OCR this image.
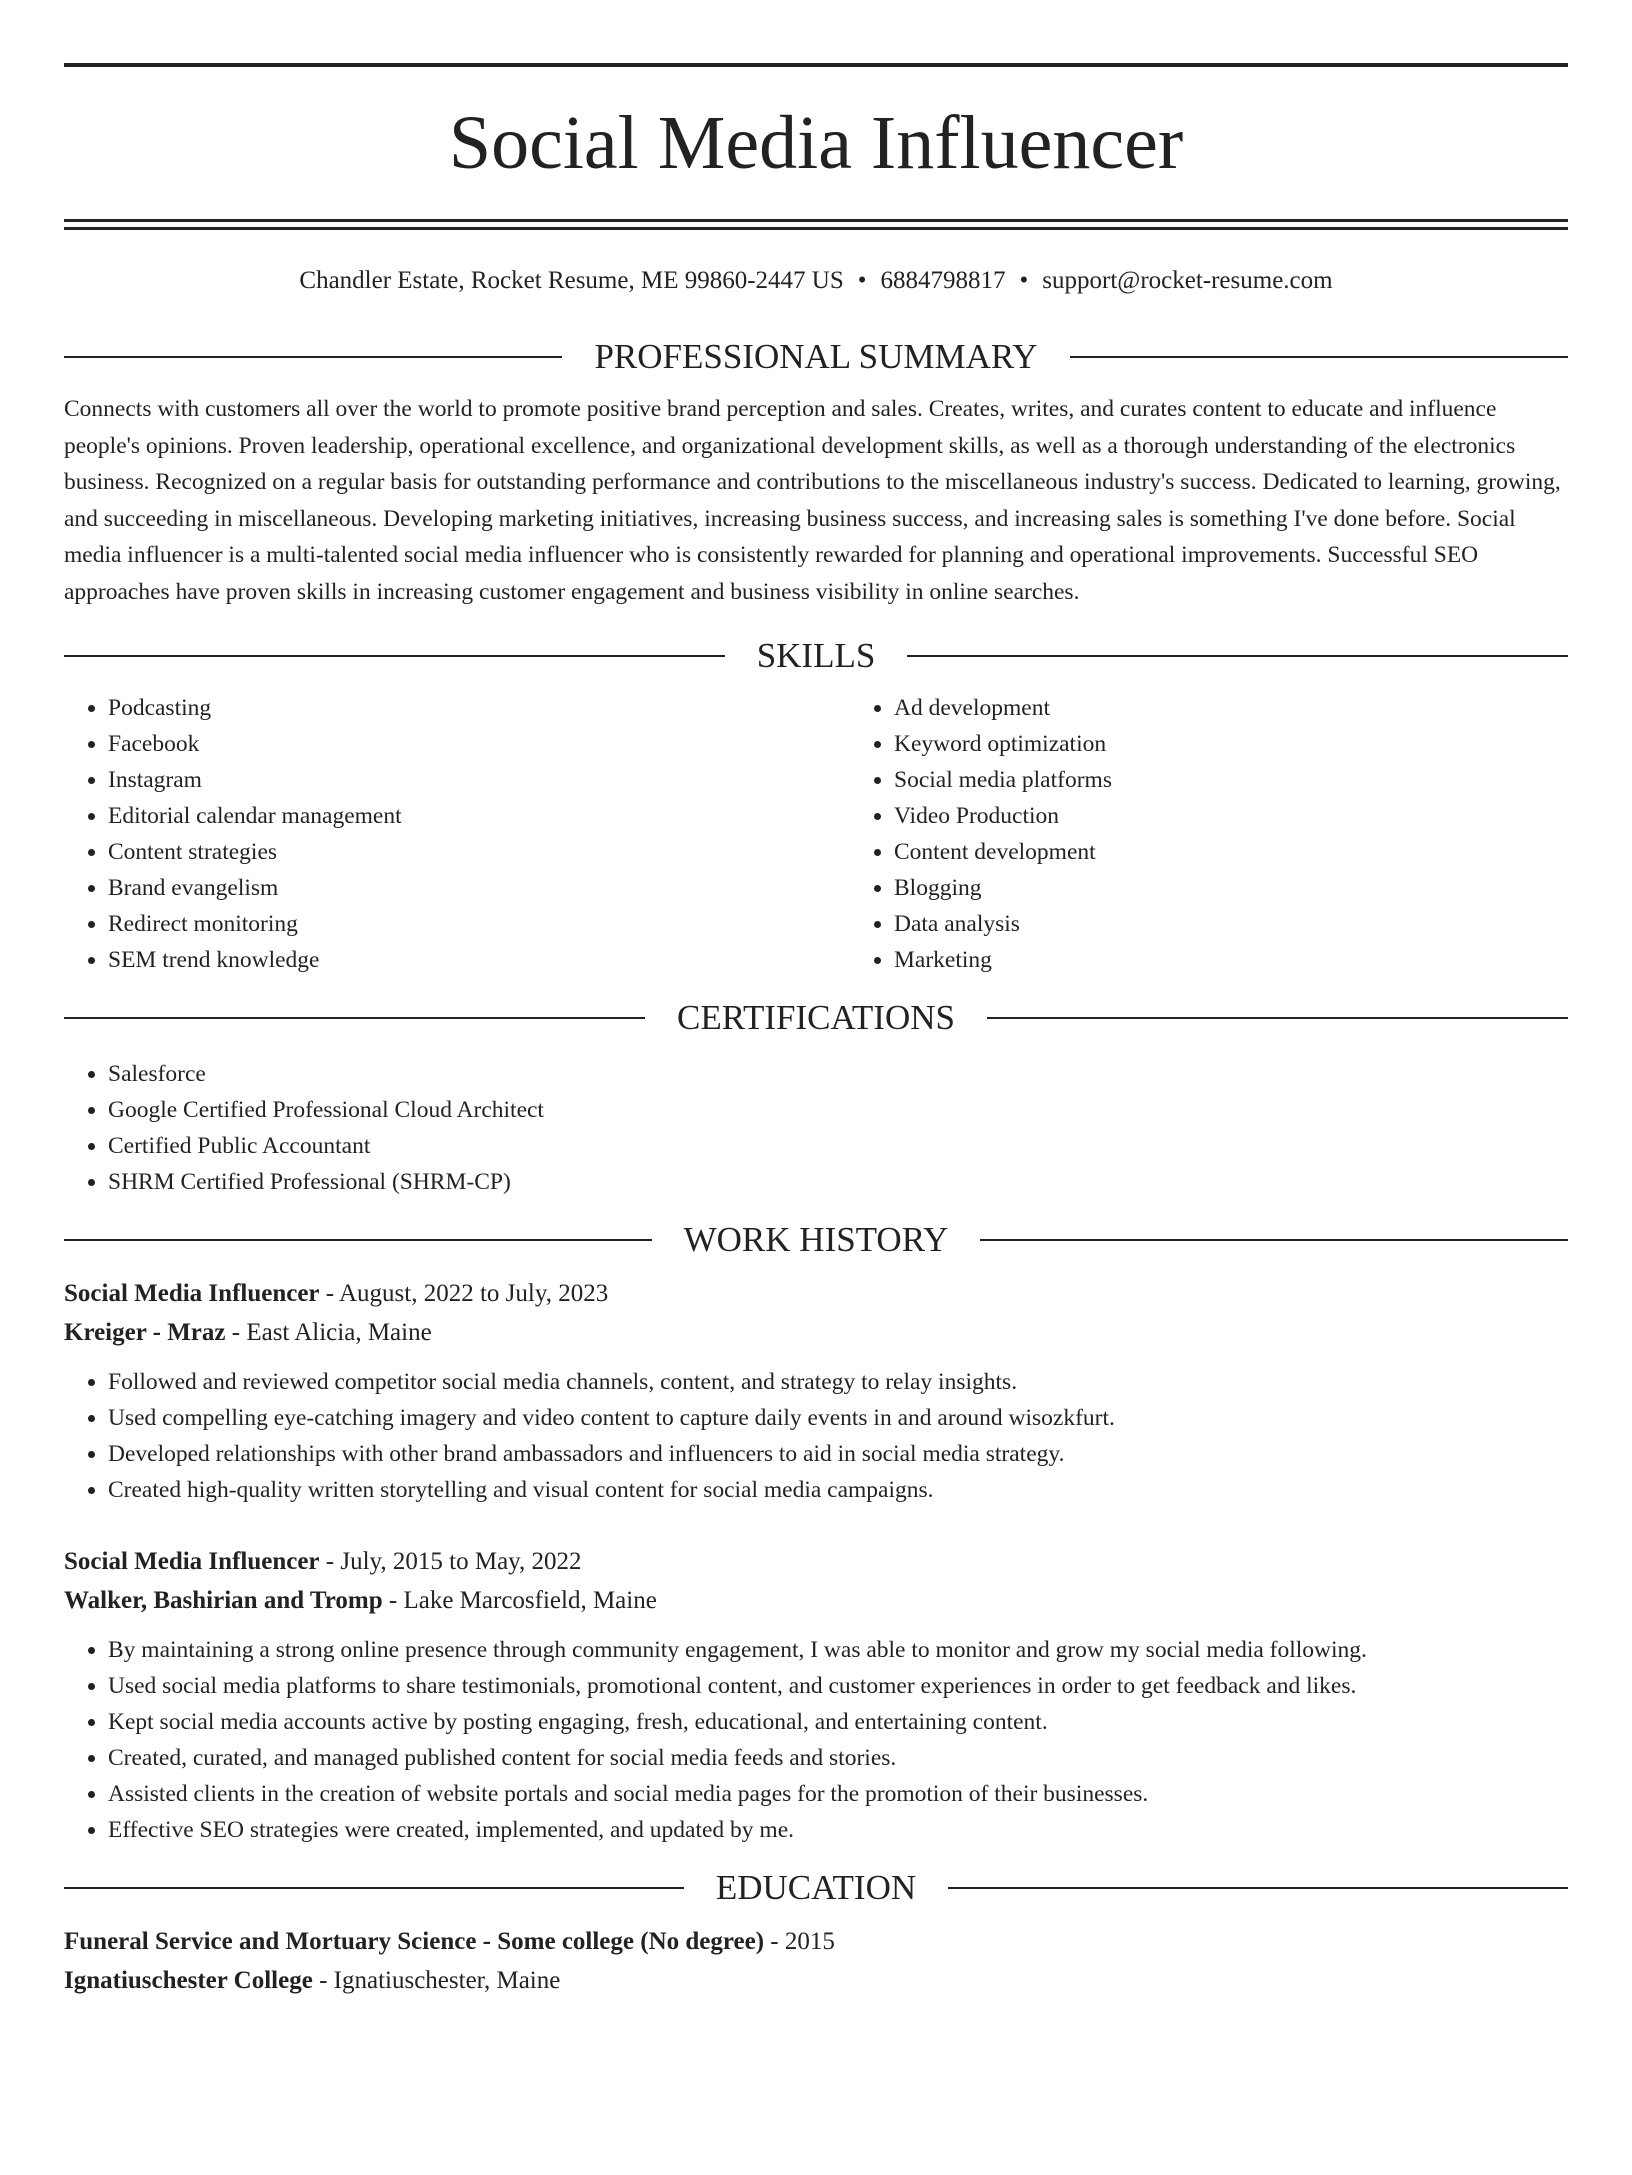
Social Media Influencer
Chandler Estate, Rocket Resume, ME 99860-2447 US • 6884798817 • support@rocket-resume.com
PROFESSIONAL SUMMARY

Connects with customers all over the world to promote positive brand perception and sales. Creates, writes, and curates content to educate and influence people's opinions. Proven leadership, operational excellence, and organizational development skills, as well as a thorough understanding of the electronics business. Recognized on a regular basis for outstanding performance and contributions to the miscellaneous industry's success. Dedicated to learning, growing, and succeeding in miscellaneous. Developing marketing initiatives, increasing business success, and increasing sales is something I've done before. Social media influencer is a multi-talented social media influencer who is consistently rewarded for planning and operational improvements. Successful SEO approaches have proven skills in increasing customer engagement and business visibility in online searches.

SKILLS
• Podcasting
• Facebook
• Instagram
• Editorial calendar management
• Content strategies
• Brand evangelism
• Redirect monitoring
• SEM trend knowledge
• Ad development
• Keyword optimization
• Social media platforms
• Video Production
• Content development
• Blogging
• Data analysis
• Marketing
CERTIFICATIONS
• Salesforce
• Google Certified Professional Cloud Architect
• Certified Public Accountant
• SHRM Certified Professional (SHRM-CP)
WORK HISTORY
Social Media Influencer - August, 2022 to July, 2023
Kreiger - Mraz - East Alicia, Maine
• Followed and reviewed competitor social media channels, content, and strategy to relay insights.
• Used compelling eye-catching imagery and video content to capture daily events in and around wisozkfurt.
• Developed relationships with other brand ambassadors and influencers to aid in social media strategy.
• Created high-quality written storytelling and visual content for social media campaigns.
Social Media Influencer - July, 2015 to May, 2022
Walker, Bashirian and Tromp - Lake Marcosfield, Maine
• By maintaining a strong online presence through community engagement, I was able to monitor and grow my social media following.
• Used social media platforms to share testimonials, promotional content, and customer experiences in order to get feedback and likes.
• Kept social media accounts active by posting engaging, fresh, educational, and entertaining content.
• Created, curated, and managed published content for social media feeds and stories.
• Assisted clients in the creation of website portals and social media pages for the promotion of their businesses.
• Effective SEO strategies were created, implemented, and updated by me.
EDUCATION
Funeral Service and Mortuary Science - Some college (No degree) - 2015
Ignatiuschester College - Ignatiuschester, Maine
